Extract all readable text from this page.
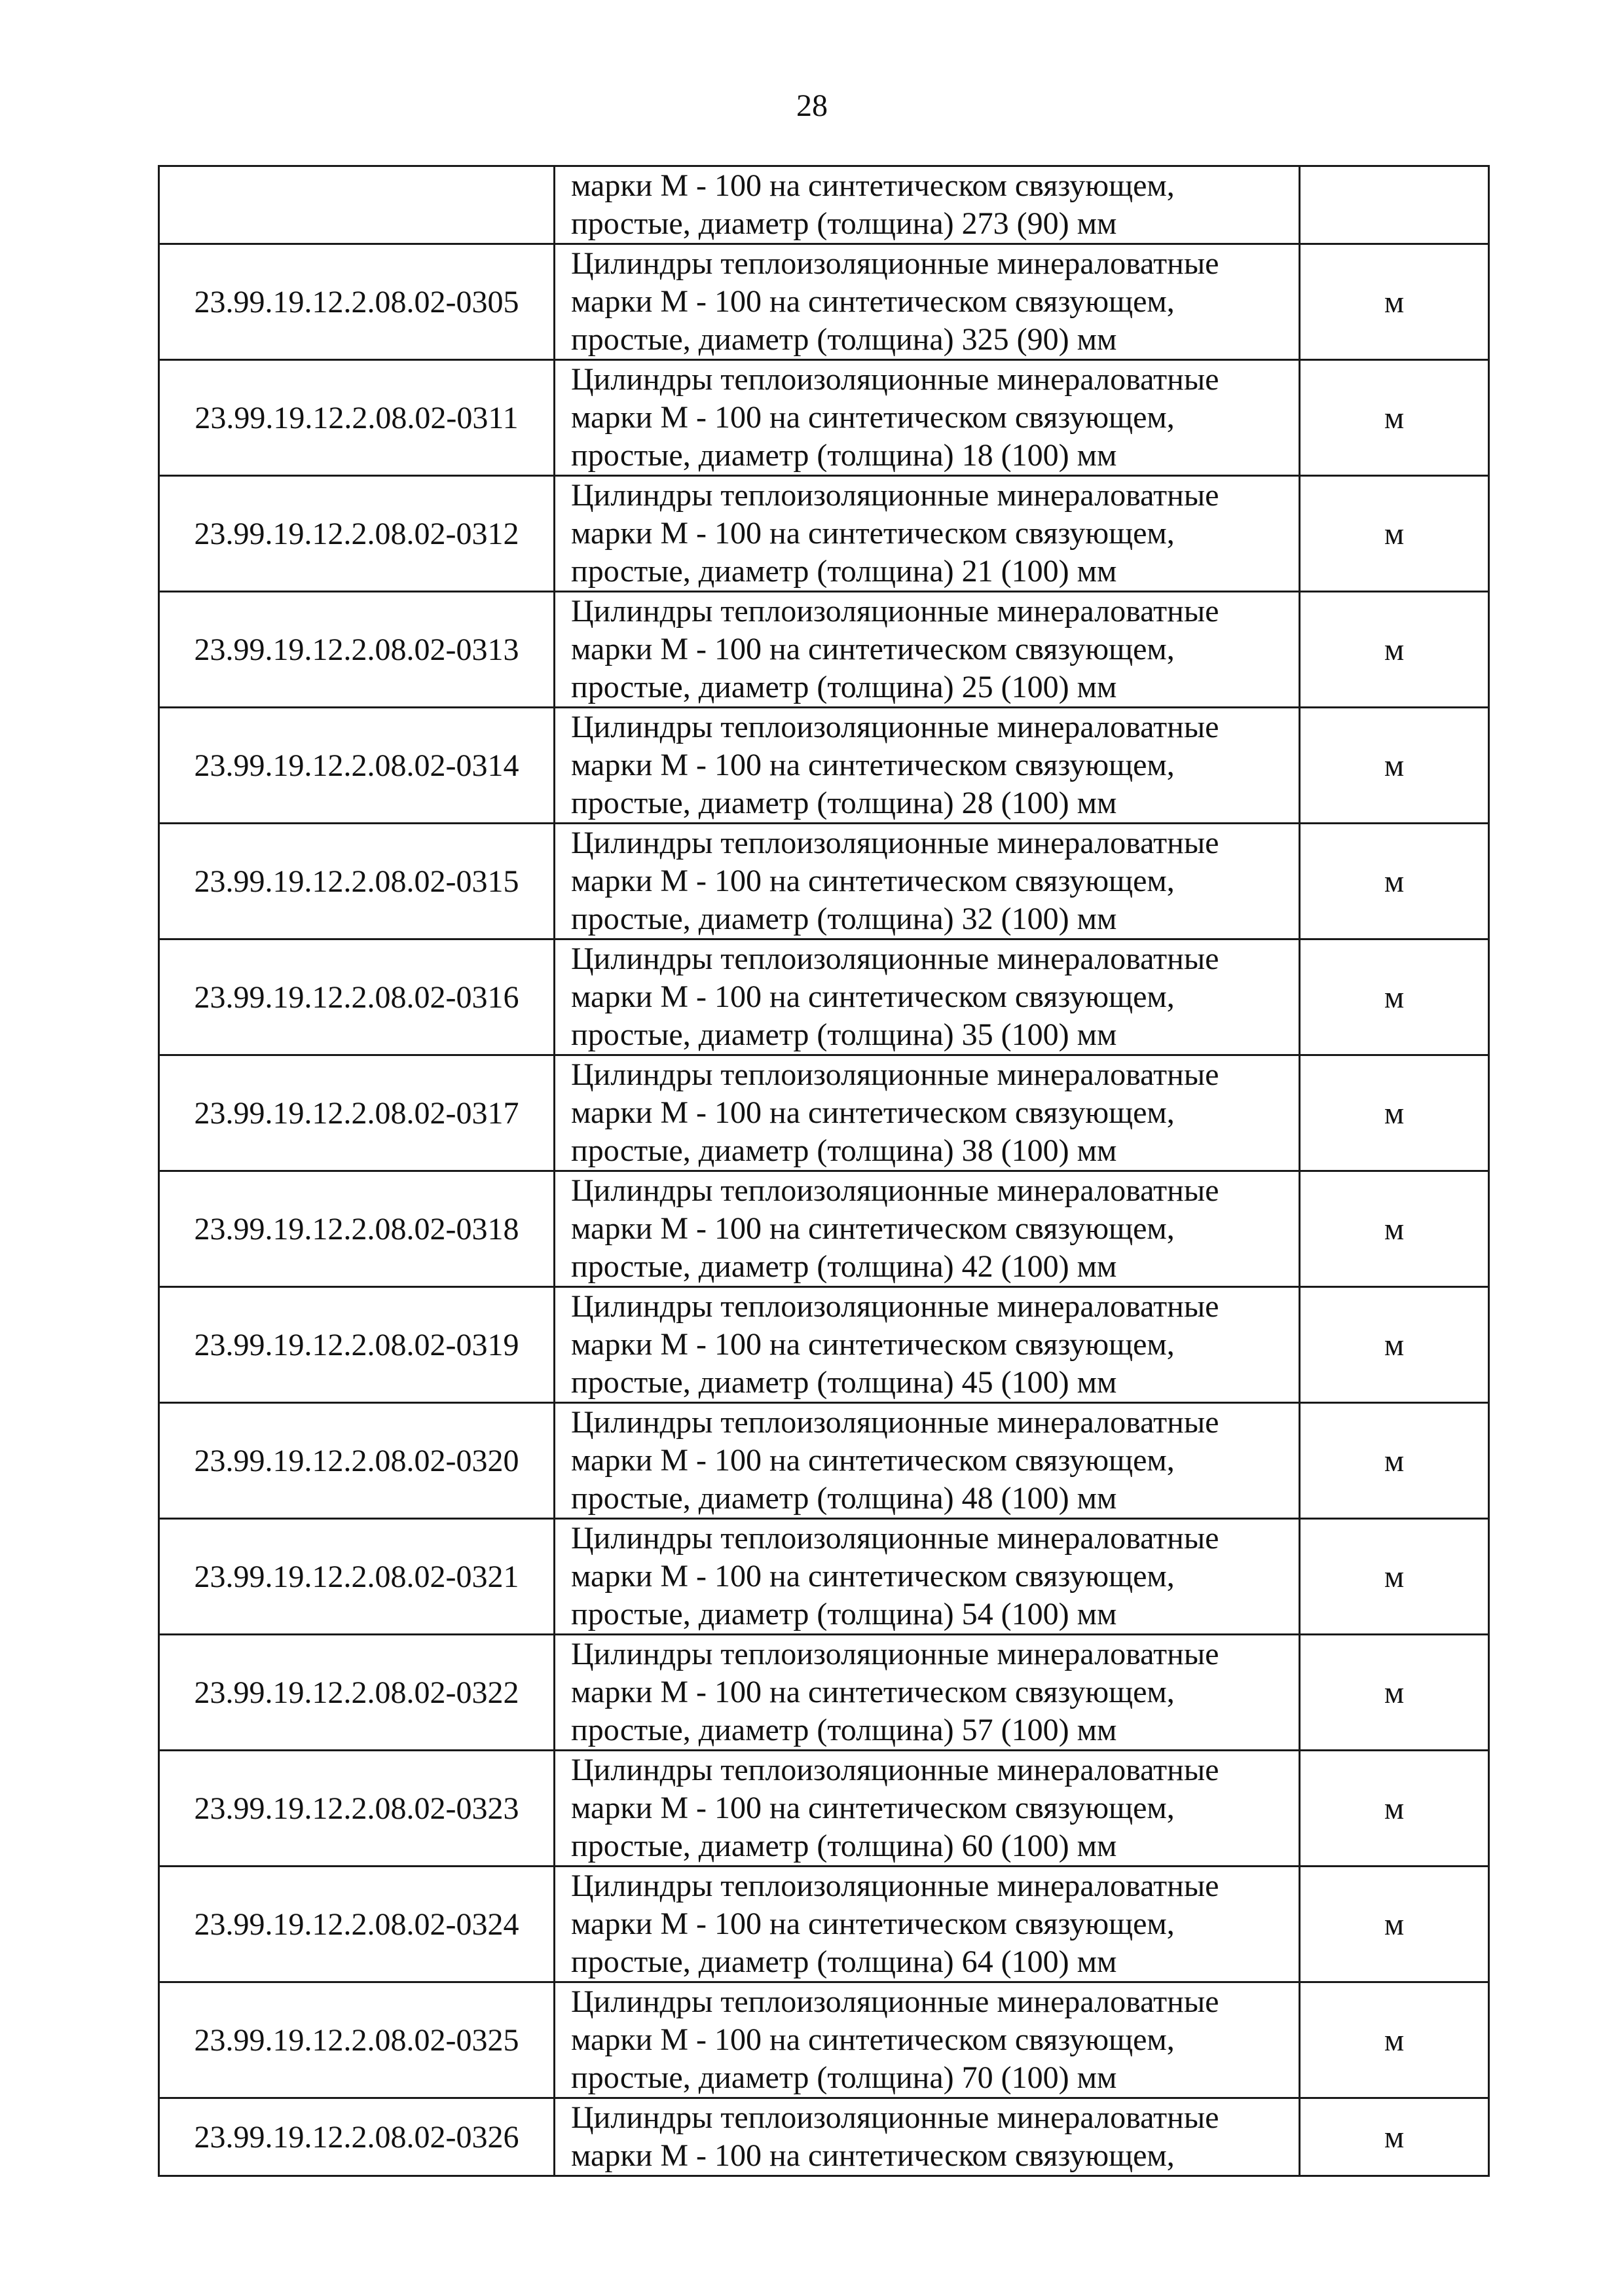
28

	марки М - 100 на синтетическом связующем,
простые, диаметр (толщина) 273 (90) мм	

23.99.19.12.2.08.02-0305	Цилиндры теплоизоляционные минераловатные
марки М - 100 на синтетическом связующем,
простые, диаметр (толщина) 325 (90) мм	м
23.99.19.12.2.08.02-0311	Цилиндры теплоизоляционные минераловатные
марки М - 100 на синтетическом связующем,
простые, диаметр (толщина) 18 (100) мм	м
23.99.19.12.2.08.02-0312	Цилиндры теплоизоляционные минераловатные
марки М - 100 на синтетическом связующем,
простые, диаметр (толщина) 21 (100) мм	м
23.99.19.12.2.08.02-0313	Цилиндры теплоизоляционные минераловатные
марки М - 100 на синтетическом связующем,
простые, диаметр (толщина) 25 (100) мм	м
23.99.19.12.2.08.02-0314	Цилиндры теплоизоляционные минераловатные
марки М - 100 на синтетическом связующем,
простые, диаметр (толщина) 28 (100) мм	м
23.99.19.12.2.08.02-0315	Цилиндры теплоизоляционные минераловатные
марки М - 100 на синтетическом связующем,
простые, диаметр (толщина) 32 (100) мм	м
23.99.19.12.2.08.02-0316	Цилиндры теплоизоляционные минераловатные
марки М - 100 на синтетическом связующем,
простые, диаметр (толщина) 35 (100) мм	м
23.99.19.12.2.08.02-0317	Цилиндры теплоизоляционные минераловатные
марки М - 100 на синтетическом связующем,
простые, диаметр (толщина) 38 (100) мм	м
23.99.19.12.2.08.02-0318	Цилиндры теплоизоляционные минераловатные
марки М - 100 на синтетическом связующем,
простые, диаметр (толщина) 42 (100) мм	м
23.99.19.12.2.08.02-0319	Цилиндры теплоизоляционные минераловатные
марки М - 100 на синтетическом связующем,
простые, диаметр (толщина) 45 (100) мм	м
23.99.19.12.2.08.02-0320	Цилиндры теплоизоляционные минераловатные
марки М - 100 на синтетическом связующем,
простые, диаметр (толщина) 48 (100) мм	м
23.99.19.12.2.08.02-0321	Цилиндры теплоизоляционные минераловатные
марки М - 100 на синтетическом связующем,
простые, диаметр (толщина) 54 (100) мм	м
23.99.19.12.2.08.02-0322	Цилиндры теплоизоляционные минераловатные
марки М - 100 на синтетическом связующем,
простые, диаметр (толщина) 57 (100) мм	м
23.99.19.12.2.08.02-0323	Цилиндры теплоизоляционные минераловатные
марки М - 100 на синтетическом связующем,
простые, диаметр (толщина) 60 (100) мм	м
23.99.19.12.2.08.02-0324	Цилиндры теплоизоляционные минераловатные
марки М - 100 на синтетическом связующем,
простые, диаметр (толщина) 64 (100) мм	м
23.99.19.12.2.08.02-0325	Цилиндры теплоизоляционные минераловатные
марки М - 100 на синтетическом связующем,
простые, диаметр (толщина) 70 (100) мм	м
23.99.19.12.2.08.02-0326	Цилиндры теплоизоляционные минераловатные
марки М - 100 на синтетическом связующем,	м
